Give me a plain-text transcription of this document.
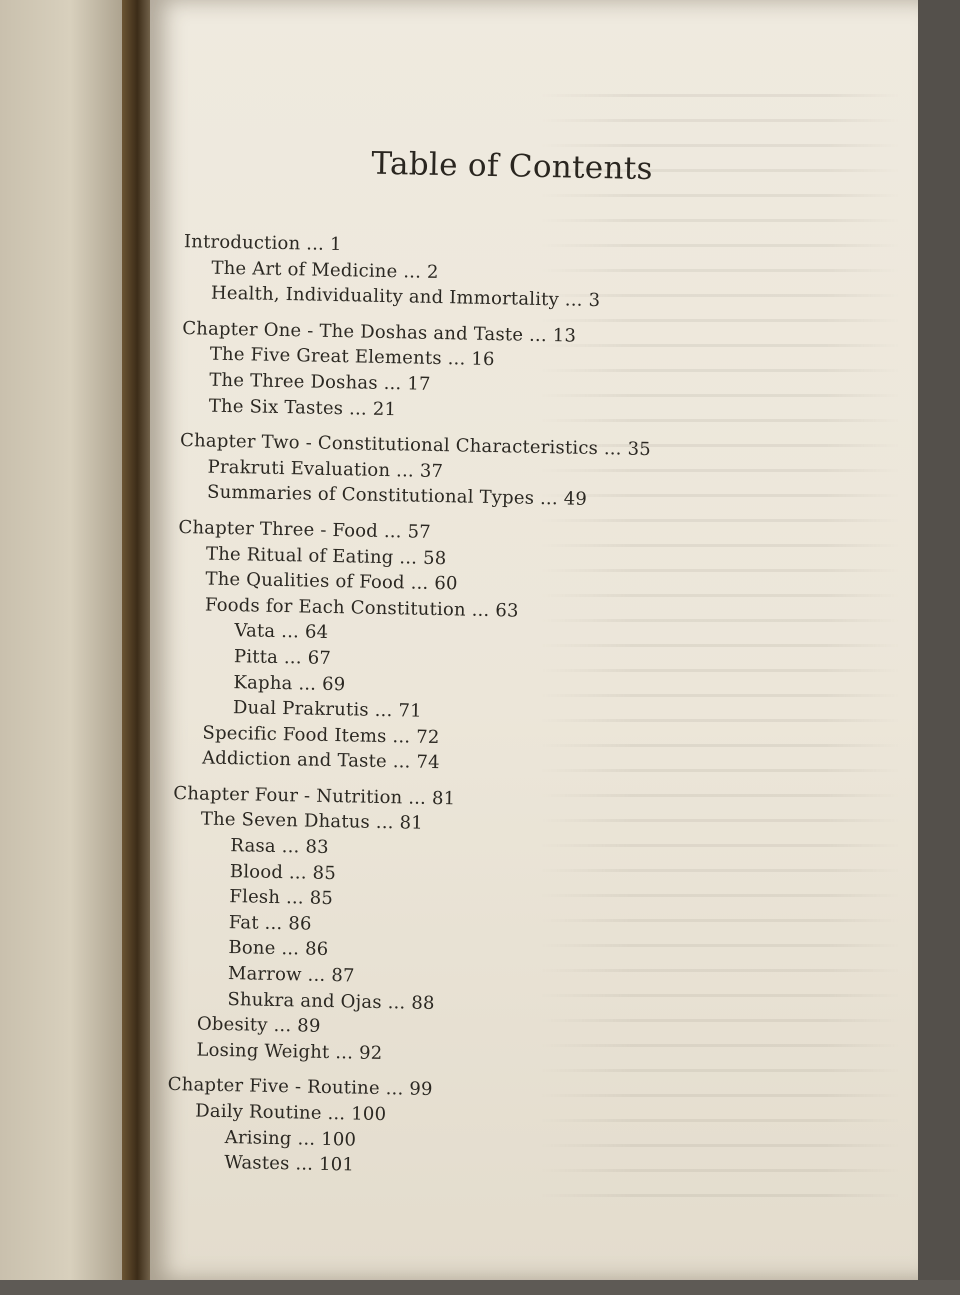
Table of Contents
Introduction ... 1
The Art of Medicine ... 2
Health, Individuality and Immortality ... 3
Chapter One - The Doshas and Taste ... 13
The Five Great Elements ... 16
The Three Doshas ... 17
The Six Tastes ... 21
Chapter Two - Constitutional Characteristics ... 35
Prakruti Evaluation ... 37
Summaries of Constitutional Types ... 49
Chapter Three - Food ... 57
The Ritual of Eating ... 58
The Qualities of Food ... 60
Foods for Each Constitution ... 63
Vata ... 64
Pitta ... 67
Kapha ... 69
Dual Prakrutis ... 71
Specific Food Items ... 72
Addiction and Taste ... 74
Chapter Four - Nutrition ... 81
The Seven Dhatus ... 81
Rasa ... 83
Blood ... 85
Flesh ... 85
Fat ... 86
Bone ... 86
Marrow ... 87
Shukra and Ojas ... 88
Obesity ... 89
Losing Weight ... 92
Chapter Five - Routine ... 99
Daily Routine ... 100
Arising ... 100
Wastes ... 101
